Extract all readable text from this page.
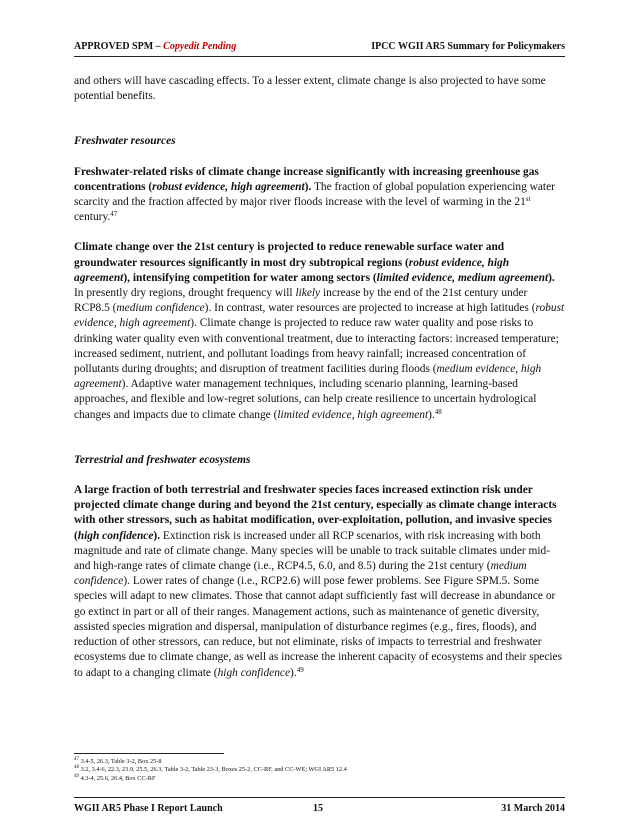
APPROVED SPM – Copyedit Pending	IPCC WGII AR5 Summary for Policymakers

and others will have cascading effects. To a lesser extent, climate change is also projected to have some potential benefits.

Freshwater resources

Freshwater-related risks of climate change increase significantly with increasing greenhouse gas concentrations (robust evidence, high agreement). The fraction of global population experiencing water scarcity and the fraction affected by major river floods increase with the level of warming in the 21st century.$^{47}$

Climate change over the 21st century is projected to reduce renewable surface water and groundwater resources significantly in most dry subtropical regions (robust evidence, high agreement), intensifying competition for water among sectors (limited evidence, medium agreement). In presently dry regions, drought frequency will likely increase by the end of the 21st century under RCP8.5 (medium confidence). In contrast, water resources are projected to increase at high latitudes (robust evidence, high agreement). Climate change is projected to reduce raw water quality and pose risks to drinking water quality even with conventional treatment, due to interacting factors: increased temperature; increased sediment, nutrient, and pollutant loadings from heavy rainfall; increased concentration of pollutants during droughts; and disruption of treatment facilities during floods (medium evidence, high agreement). Adaptive water management techniques, including scenario planning, learning-based approaches, and flexible and low-regret solutions, can help create resilience to uncertain hydrological changes and impacts due to climate change (limited evidence, high agreement).$^{48}$

Terrestrial and freshwater ecosystems

A large fraction of both terrestrial and freshwater species faces increased extinction risk under projected climate change during and beyond the 21st century, especially as climate change interacts with other stressors, such as habitat modification, over-exploitation, pollution, and invasive species (high confidence). Extinction risk is increased under all RCP scenarios, with risk increasing with both magnitude and rate of climate change. Many species will be unable to track suitable climates under mid- and high-range rates of climate change (i.e., RCP4.5, 6.0, and 8.5) during the 21st century (medium confidence). Lower rates of change (i.e., RCP2.6) will pose fewer problems. See Figure SPM.5. Some species will adapt to new climates. Those that cannot adapt sufficiently fast will decrease in abundance or go extinct in part or all of their ranges. Management actions, such as maintenance of genetic diversity, assisted species migration and dispersal, manipulation of disturbance regimes (e.g., fires, floods), and reduction of other stressors, can reduce, but not eliminate, risks of impacts to terrestrial and freshwater ecosystems due to climate change, as well as increase the inherent capacity of ecosystems and their species to adapt to a changing climate (high confidence).$^{49}$

$^{47}$ 3.4-5, 26.3, Table 3-2, Box 25-8
$^{48}$ 3.2, 3.4-6, 22.3, 23.9, 25.5, 26.3, Table 3-2, Table 23-3, Boxes 25-2, CC-RF, and CC-WE; WGI AR5 12.4
$^{49}$ 4.3-4, 25.6, 26.4, Box CC-RF
WGII AR5 Phase I Report Launch	15	31 March 2014
